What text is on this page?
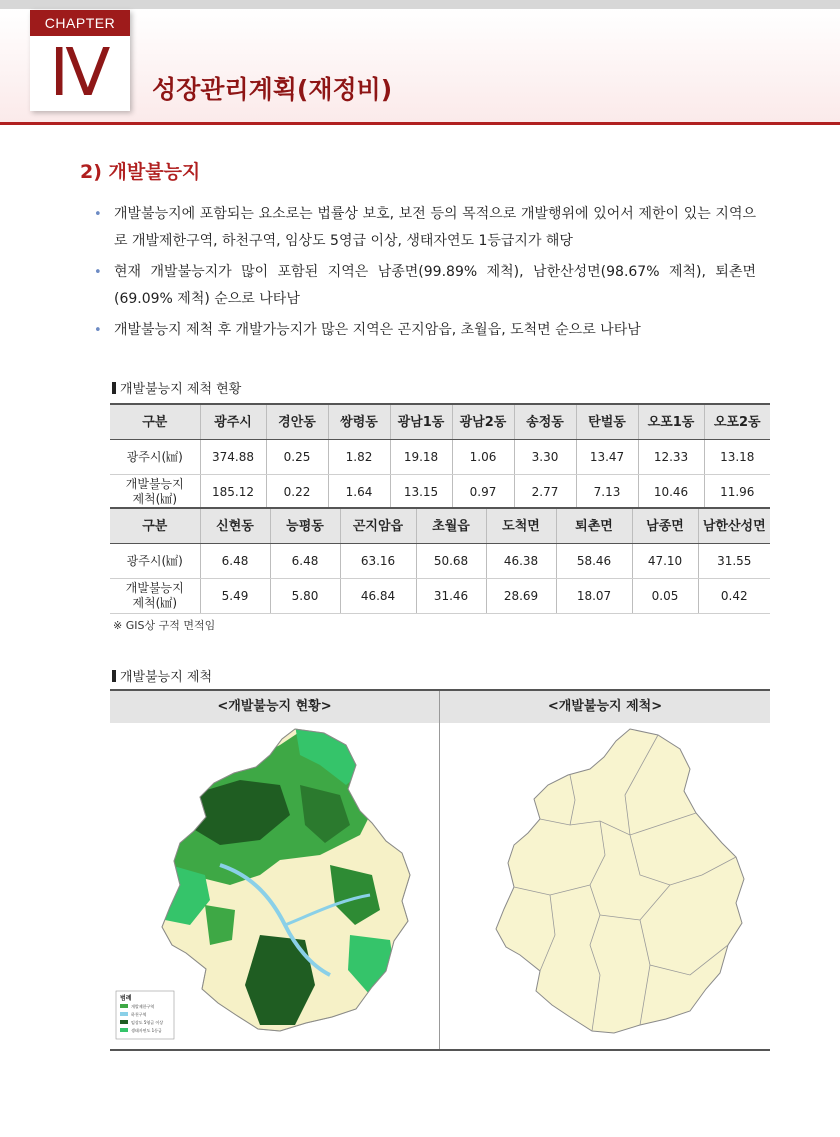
CHAPTER
Ⅳ	성장관리계획(재정비)
2) 개발불능지
• 개발불능지에 포함되는 요소로는 법률상 보호, 보전 등의 목적으로 개발행위에 있어서 제한이 있는 지역으로 개발제한구역, 하천구역, 임상도 5영급 이상, 생태자연도 1등급지가 해당
• 현재 개발불능지가 많이 포함된 지역은 남종면(99.89% 제척), 남한산성면(98.67% 제척), 퇴촌면(69.09% 제척) 순으로 나타남
• 개발불능지 제척 후 개발가능지가 많은 지역은 곤지암읍, 초월읍, 도척면 순으로 나타남
개발불능지 제척 현황
구분	광주시	경안동	쌍령동	광남1동	광남2동	송정동	탄벌동	오포1동	오포2동
광주시(㎢)	374.88	0.25	1.82	19.18	1.06	3.30	13.47	12.33	13.18
개발불능지
제척(㎢)	185.12	0.22	1.64	13.15	0.97	2.77	7.13	10.46	11.96
구분	신현동	능평동	곤지암읍	초월읍	도척면	퇴촌면	남종면	남한산성면
광주시(㎢)	6.48	6.48	63.16	50.68	46.38	58.46	47.10	31.55
개발불능지
제척(㎢)	5.49	5.80	46.84	31.46	28.69	18.07	0.05	0.42
※ GIS상 구적 면적임
개발불능지 제척
<개발불능지 현황>	<개발불능지 제척>
범례
개발제한구역
하천구역
임상도 5영급 이상
생태자연도 1등급
